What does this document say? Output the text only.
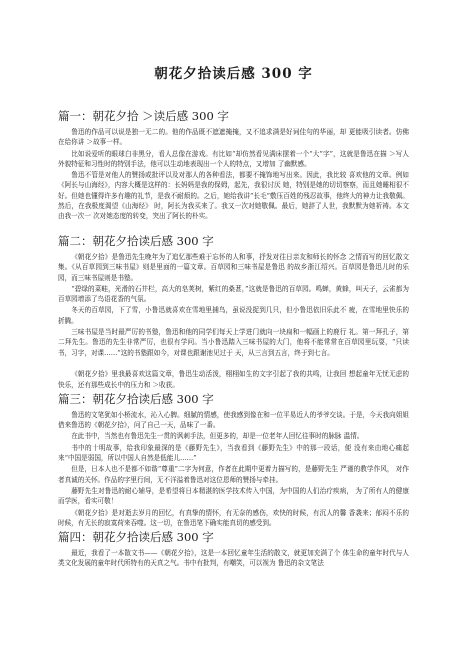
朝花夕拾读后感 300 字
篇一：朝花夕拾 ＞读后感 300 字

鲁迅的作品可以说是独一无二的。他的作品既不遮遮掩掩，又不追求满是好词佳句的华丽，却 更能吸引读者。仿佛在给你讲 ＞故事一样。

比如说爱听的眼球白非黑分，看人总像在游戏。有比如“却仿然看见满床摆着一个“大”字”，这就是鲁迅在描 ＞写人外貌特征和习性时的特别手法，他可以生动地表现出一个人的特点，又增加 了幽默感。

鲁迅不管是对他人的赞扬或批评以及对那人的各种看法，都要不掩饰地写出来。因此，我比较 喜欢他的文章。例如《阿长与山海经》，内容大概是这样的：长妈妈是我的保姆，起先，我很讨厌 她，特别是她的切切察察，而且她睡相很不好。但她也懂得许多有趣的礼节，是我不耐烦的。之后，她给我讲“长毛”敷压百姓的残忍故事，他终大的神力让我敬佩。然后，在我极度渴望《山海经》 时，阿长为我买来了。我又一次对她敬佩。最后，她辞了人世，我默默为她祈祷。本文由我一次一 次对她态度的转变，突出了阿长的朴实。

篇二：朝花夕拾读后感 300 字

《朝花夕拾》是鲁迅先生晚年为了追忆那些难于忘怀的人和事，抒发对往日亲友和师长的怀念 之情而写的回忆散文集。《从百草园到三味书屋》则是里面的一篇文章。百草园和三味书屋是鲁迅 的故乡浙江绍兴。百草园是鲁迅儿时的乐园，而三味书屋则是书塾。

“碧绿的菜畦，光滑的石井栏，高大的皂荚树，紫红的桑葚，”这就是鲁迅的百草园。鸣蝉，黄蜂，叫天子，云雀都为百草园增添了鸟语花香的气氛。

冬天的百草园，下了雪，小鲁迅就喜欢在雪地里捕鸟，虽说没捉到几只，但小鲁迅依旧乐此不 疲，在雪地里快乐的折腾。

三味书屋是当时最严厉的书塾，鲁迅和他的同学们每天上学进门就向一块扁和一幅画上的鹿行 礼。第一拜孔子，第二拜先生。鲁迅的先生非常严厉，也很有学问。当小鲁迅踏入三味书屋的大门，他将不能常常在百草园里玩耍，“只读书，习字，对课……”这的书塾跟如今，对课也跟谢池见过于 天，从三言到五言，终于到七言。

《朝花夕拾》里我最喜欢这篇文章，鲁迅生动活泼，栩栩如生的文字引起了我的共鸣，让我回 想起童年无忧无虑的快乐，还有那些成长中的压力和 ＞收获。

篇三：朝花夕拾读后感 300 字

鲁迅的文笔犹如小桥流水，沁入心脾。细腻的情感，使我感到像在和一位平易近人的爷爷交谈。于是，今天我向姐姐借来鲁迅的《朝花夕拾》，问了自己一天，品味了一番。

在此书中，当然也有鲁迅先生一贯的讽刺手法，但更多的，却是一位老年人回忆往事时的脉脉 温情。

书中的十明故事，给我印象最深的是《藤野先生》，当我看到《藤野先生》中的那一段话，便 没有来由地心痛起来“中国是弱国，所以中国人自然是低能儿……”

但是，日本人也不是都不如谐“尊重”二字为何意，作者在此期中更着力描写的，是藤野先生 严谨的教学作风， 对作者真诚的关怀。作品的字里行间，无不洋溢着鲁迅对这位恩师的赞扬与牵挂。

藤野先生对鲁迅的耐心辅导，是希望将日本精湛的医学技术传入中国，为中国的人们治疗疾病， 为了所有人的健康而学医，看实可敬！

《朝花夕拾》是对逝去岁月的回忆，有真挚的情怀，有无奈的感伤，欢快的时候，有沉人的馨 香袭来；郁闷不乐的时候，有无长的寂寞荷来吞噬。这一切，在鲁迅笔下确实能真切的感受到。

篇四：朝花夕拾读后感 300 字

最近，我看了一本散文书——《朝花夕拾》，这是一本回忆童年生活的散文，就更加充满了个 体生命的童年时代与人类文化发展的童年时代所特有的天真之气。书中有批判，有嘲笑，可以视为 鲁迅的杂文笔法
